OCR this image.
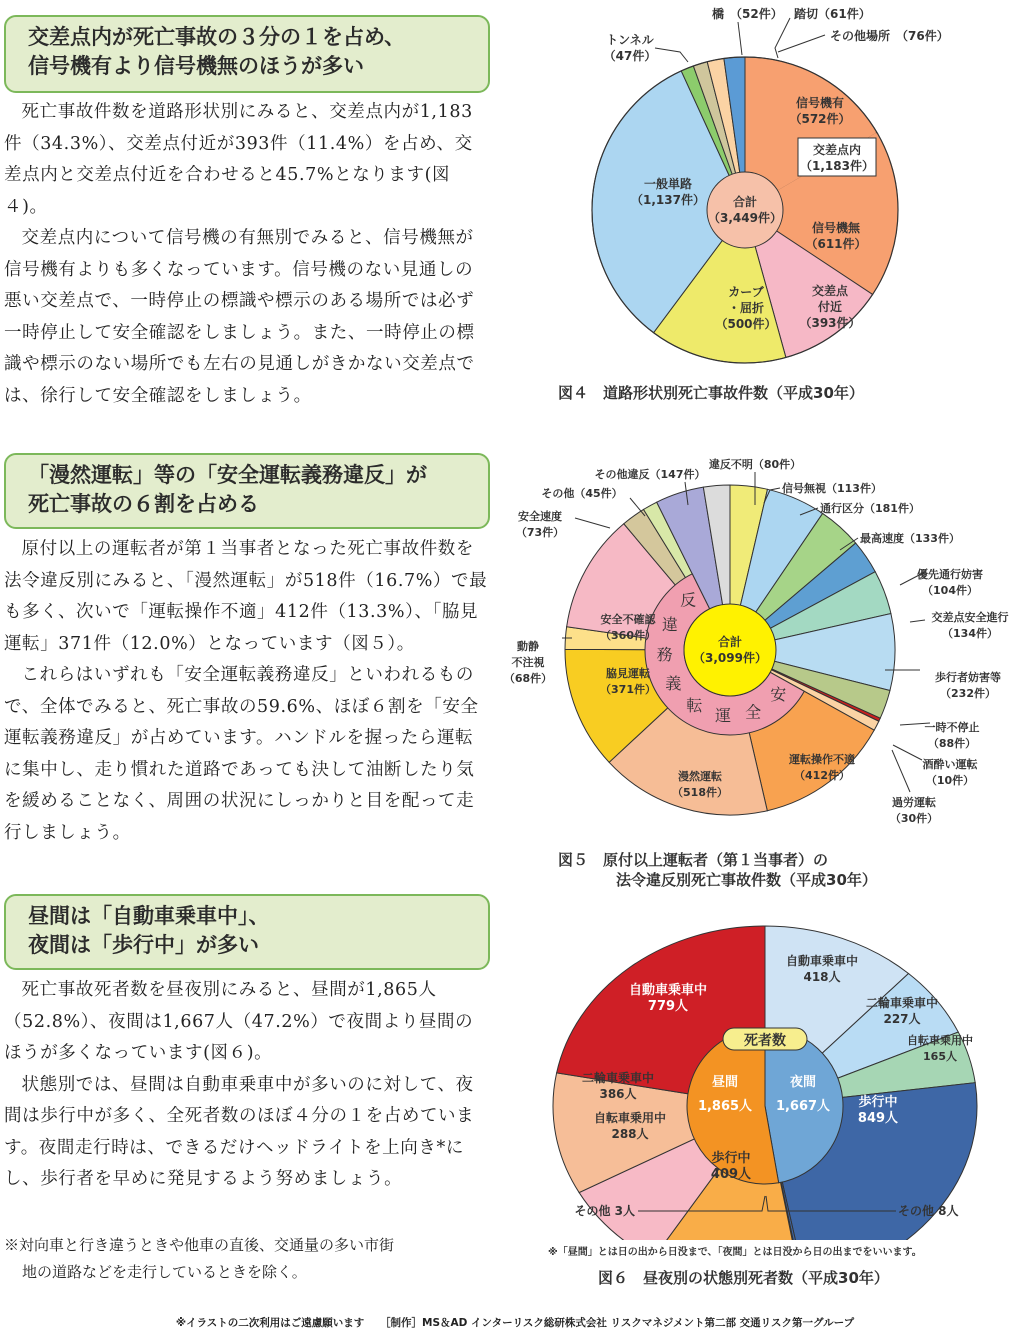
交差点内が死亡事故の３分の１を占め、
信号機有より信号機無のほうが多い

死亡事故件数を道路形状別にみると、交差点内が1,183件（34.3%）、交差点付近が393件（11.4%）を占め、交差点内と交差点付近を合わせると45.7%となります(図４)。

交差点内について信号機の有無別でみると、信号機無が信号機有よりも多くなっています。信号機のない見通しの悪い交差点で、一時停止の標識や標示のある場所では必ず一時停止して安全確認をしましょう。また、一時停止の標識や標示のない場所でも左右の見通しがきかない交差点では、徐行して安全確認をしましょう。

「漫然運転」等の「安全運転義務違反」が
死亡事故の６割を占める

原付以上の運転者が第１当事者となった死亡事故件数を法令違反別にみると、「漫然運転」が518件（16.7%）で最も多く、次いで「運転操作不適」412件（13.3%）、「脇見運転」371件（12.0%）となっています（図５）。

これらはいずれも「安全運転義務違反」といわれるもので、全体でみると、死亡事故の59.6%、ほぼ６割を「安全運転義務違反」が占めています。ハンドルを握ったら運転に集中し、走り慣れた道路であっても決して油断したり気を緩めることなく、周囲の状況にしっかりと目を配って走行しましょう。

昼間は「自動車乗車中」、
夜間は「歩行中」が多い

死亡事故死者数を昼夜別にみると、昼間が1,865人（52.8%）、夜間は1,667人（47.2%）で夜間より昼間のほうが多くなっています(図６)。

状態別では、昼間は自動車乗車中が多いのに対して、夜間は歩行中が多く、全死者数のほぼ４分の１を占めています。夜間走行時は、できるだけヘッドライトを上向き*にし、歩行者を早めに発見するよう努めましょう。

※対向車と行き違うときや他車の直後、交通量の多い市街
地の道路などを走行しているときを除く。
合計
（3,449件）
信号機有
（572件）
信号機無
（611件）
交差点
付近
（393件）
カーブ
・屈折
（500件）
一般単路
（1,137件）
トンネル
（47件）
橋　（52件） 踏切（61件）
その他場所　（76件）
交差点内
（1,183件）
図４　道路形状別死亡事故件数（平成30年）
合計
（3,099件）
安
全
運
転
義
務
違
反
違反不明（80件）
信号無視（113件）
通行区分（181件）
最高速度（133件）
優先通行妨害
（104件）
交差点安全進行
（134件）
歩行者妨害等
（232件）
一時不停止
（88件）
酒酔い運転
（10件）
過労運転
（30件）
運転操作不適
（412件）
漫然運転
（518件）
脇見運転
（371件）
動静
不注視
（68件）
安全不確認
（360件）
安全速度
（73件）
その他（45件）
その他違反（147件）
図５　原付以上運転者（第１当事者）の
法令違反別死亡事故件数（平成30年）
死者数
昼間
1,865人
夜間
1,667人
自動車乗車中
418人
二輪車乗車中
227人
自転車乗用中
165人
歩行中
849人
歩行中
409人
自転車乗用中
288人
二輪車乗車中
386人
自動車乗車中
779人
その他 3人	その他 8人
※「昼間」とは日の出から日没まで、「夜間」とは日没から日の出までをいいます。
図６　昼夜別の状態別死者数（平成30年）
※イラストの二次利用はご遠慮願います　　［制作］MS＆AD インターリスク総研株式会社 リスクマネジメント第二部 交通リスク第一グループ
